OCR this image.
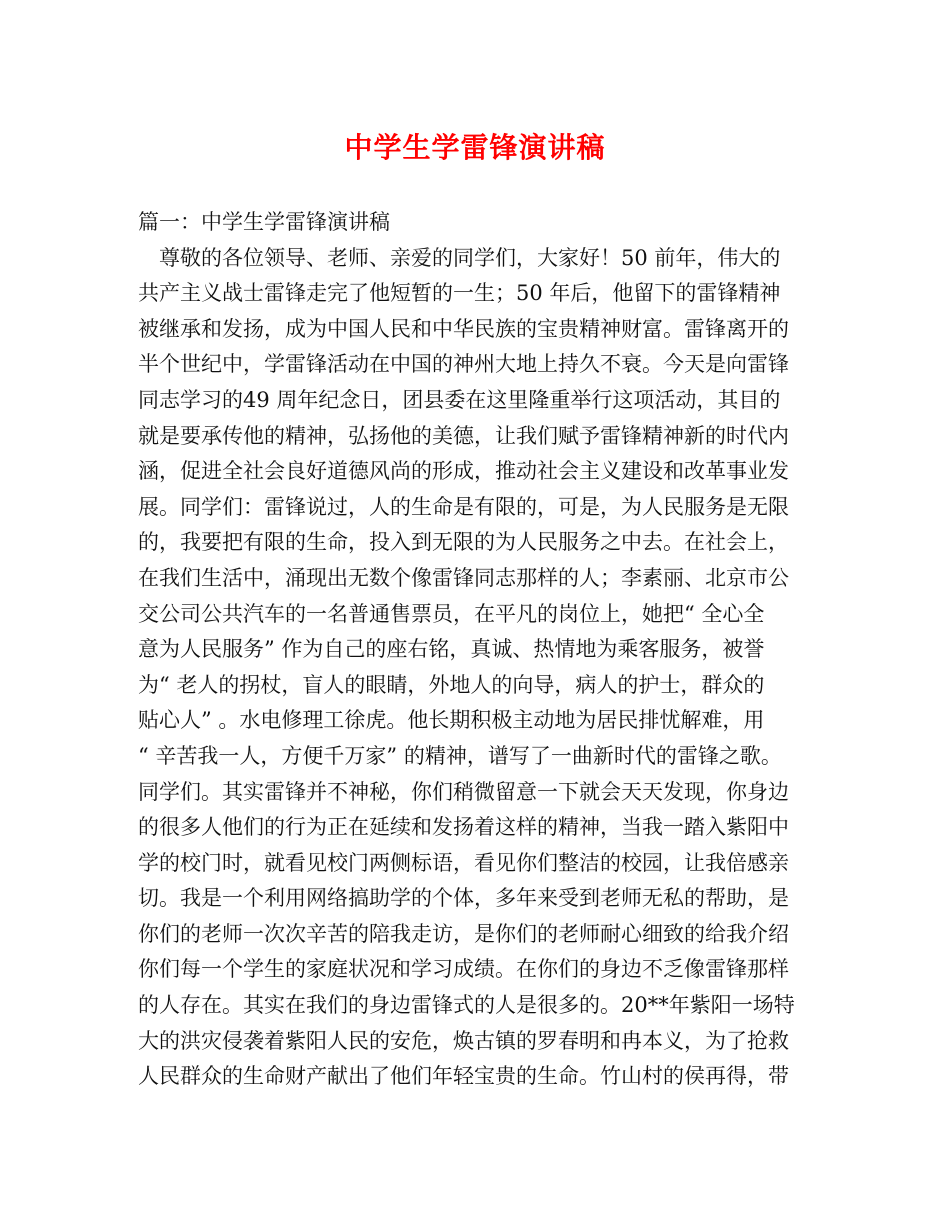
中学生学雷锋演讲稿
篇一：中学生学雷锋演讲稿
　尊敬的各位领导、老师、亲爱的同学们，大家好！50 前年，伟大的
共产主义战士雷锋走完了他短暂的一生；50 年后，他留下的雷锋精神
被继承和发扬，成为中国人民和中华民族的宝贵精神财富。雷锋离开的
半个世纪中，学雷锋活动在中国的神州大地上持久不衰。今天是向雷锋
同志学习的49 周年纪念日，团县委在这里隆重举行这项活动，其目的
就是要承传他的精神，弘扬他的美德，让我们赋予雷锋精神新的时代内
涵，促进全社会良好道德风尚的形成，推动社会主义建设和改革事业发
展。同学们：雷锋说过，人的生命是有限的，可是，为人民服务是无限
的，我要把有限的生命，投入到无限的为人民服务之中去。在社会上，
在我们生活中，涌现出无数个像雷锋同志那样的人；李素丽、北京市公
交公司公共汽车的一名普通售票员，在平凡的岗位上，她把“ 全心全
意为人民服务” 作为自己的座右铭，真诚、热情地为乘客服务，被誉
为“ 老人的拐杖，盲人的眼睛，外地人的向导，病人的护士，群众的
贴心人” 。水电修理工徐虎。他长期积极主动地为居民排忧解难，用
“ 辛苦我一人，方便千万家” 的精神，谱写了一曲新时代的雷锋之歌。
同学们。其实雷锋并不神秘，你们稍微留意一下就会天天发现，你身边
的很多人他们的行为正在延续和发扬着这样的精神，当我一踏入紫阳中
学的校门时，就看见校门两侧标语，看见你们整洁的校园，让我倍感亲
切。我是一个利用网络搞助学的个体，多年来受到老师无私的帮助，是
你们的老师一次次辛苦的陪我走访，是你们的老师耐心细致的给我介绍
你们每一个学生的家庭状况和学习成绩。在你们的身边不乏像雷锋那样
的人存在。其实在我们的身边雷锋式的人是很多的。20**年紫阳一场特
大的洪灾侵袭着紫阳人民的安危，焕古镇的罗春明和冉本义，为了抢救
人民群众的生命财产献出了他们年轻宝贵的生命。竹山村的侯再得，带
